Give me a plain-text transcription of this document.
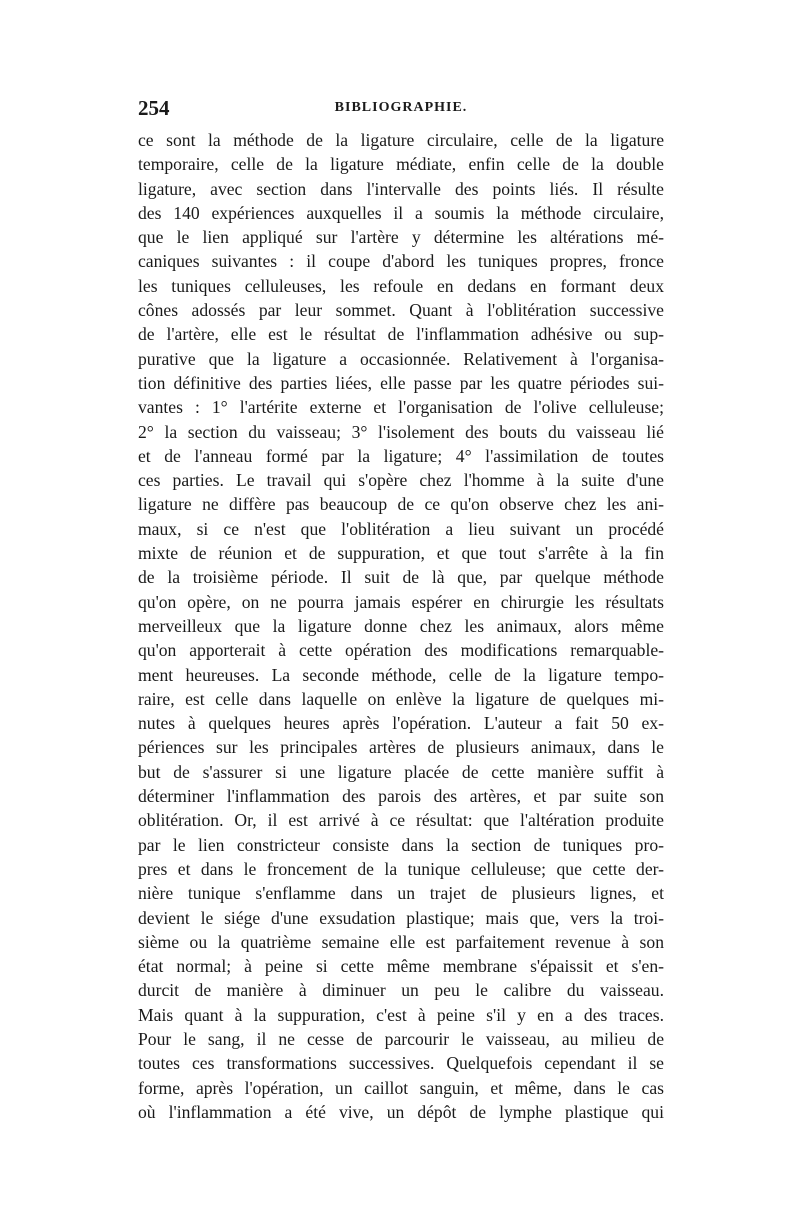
254	BIBLIOGRAPHIE.
ce sont la méthode de la ligature circulaire, celle de la ligature
temporaire, celle de la ligature médiate, enfin celle de la double
ligature, avec section dans l'intervalle des points liés. Il résulte
des 140 expériences auxquelles il a soumis la méthode circulaire,
que le lien appliqué sur l'artère y détermine les altérations mé-
caniques suivantes : il coupe d'abord les tuniques propres, fronce
les tuniques celluleuses, les refoule en dedans en formant deux
cônes adossés par leur sommet. Quant à l'oblitération successive
de l'artère, elle est le résultat de l'inflammation adhésive ou sup-
purative que la ligature a occasionnée. Relativement à l'organisa-
tion définitive des parties liées, elle passe par les quatre périodes sui-
vantes : 1° l'artérite externe et l'organisation de l'olive celluleuse;
2° la section du vaisseau; 3° l'isolement des bouts du vaisseau lié
et de l'anneau formé par la ligature; 4° l'assimilation de toutes
ces parties. Le travail qui s'opère chez l'homme à la suite d'une
ligature ne diffère pas beaucoup de ce qu'on observe chez les ani-
maux, si ce n'est que l'oblitération a lieu suivant un procédé
mixte de réunion et de suppuration, et que tout s'arrête à la fin
de la troisième période. Il suit de là que, par quelque méthode
qu'on opère, on ne pourra jamais espérer en chirurgie les résultats
merveilleux que la ligature donne chez les animaux, alors même
qu'on apporterait à cette opération des modifications remarquable-
ment heureuses. La seconde méthode, celle de la ligature tempo-
raire, est celle dans laquelle on enlève la ligature de quelques mi-
nutes à quelques heures après l'opération. L'auteur a fait 50 ex-
périences sur les principales artères de plusieurs animaux, dans le
but de s'assurer si une ligature placée de cette manière suffit à
déterminer l'inflammation des parois des artères, et par suite son
oblitération. Or, il est arrivé à ce résultat: que l'altération produite
par le lien constricteur consiste dans la section de tuniques pro-
pres et dans le froncement de la tunique celluleuse; que cette der-
nière tunique s'enflamme dans un trajet de plusieurs lignes, et
devient le siége d'une exsudation plastique; mais que, vers la troi-
sième ou la quatrième semaine elle est parfaitement revenue à son
état normal; à peine si cette même membrane s'épaissit et s'en-
durcit de manière à diminuer un peu le calibre du vaisseau.
Mais quant à la suppuration, c'est à peine s'il y en a des traces.
Pour le sang, il ne cesse de parcourir le vaisseau, au milieu de
toutes ces transformations successives. Quelquefois cependant il se
forme, après l'opération, un caillot sanguin, et même, dans le cas
où l'inflammation a été vive, un dépôt de lymphe plastique qui
